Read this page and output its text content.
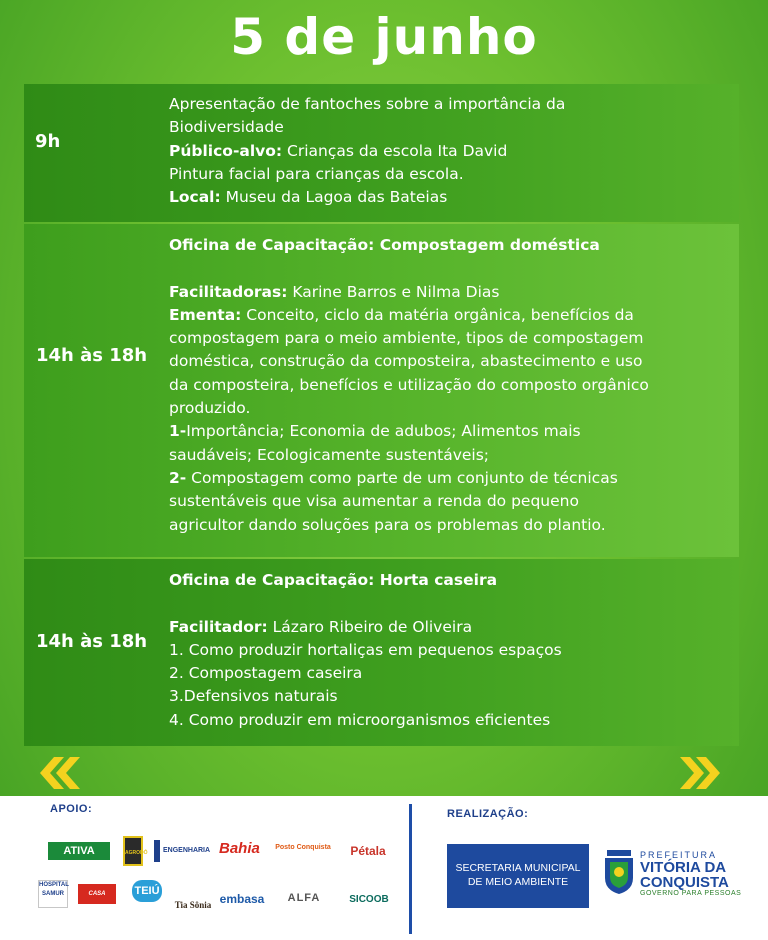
5 de junho
9h
Apresentação de fantoches sobre a importância da
Biodiversidade
Público-alvo: Crianças da escola Ita David
Pintura facial para crianças da escola.
Local: Museu da Lagoa das Bateias
14h às 18h
Oficina de Capacitação: Compostagem doméstica
Facilitadoras: Karine Barros e Nilma Dias
Ementa: Conceito, ciclo da matéria orgânica, benefícios da
compostagem para o meio ambiente, tipos de compostagem
doméstica, construção da composteira, abastecimento e uso
da composteira, benefícios e utilização do composto orgânico
produzido.
1-Importância; Economia de adubos; Alimentos mais
saudáveis; Ecologicamente sustentáveis;
2- Compostagem como parte de um conjunto de técnicas
sustentáveis que visa aumentar a renda do pequeno
agricultor dando soluções para os problemas do plantio.
14h às 18h
Oficina de Capacitação: Horta caseira
Facilitador: Lázaro Ribeiro de Oliveira
1. Como produzir hortaliças em pequenos espaços
2. Compostagem caseira
3.Defensivos naturais
4. Como produzir em microorganismos eficientes
APOIO:	REALIZAÇÃO:
ATIVA	AGRODÓ	ENGENHARIA Bahia	Posto Conquista	Pétala
HOSPITAL SAMUR	CASA CICLISTA
TEIÚ
Tia Sônia embasa	ALFA	SICOOB
SECRETARIA MUNICIPAL
DE MEIO AMBIENTE
PREFEITURA
VITÓRIA DA
CONQUISTA
GOVERNO PARA PESSOAS
